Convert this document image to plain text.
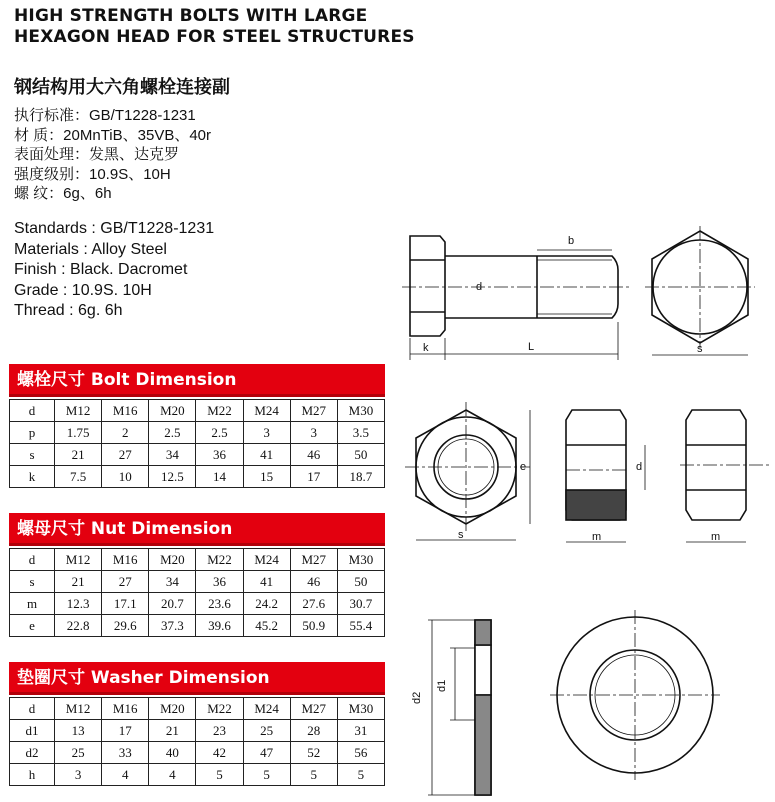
HIGH STRENGTH BOLTS WITH LARGE HEXAGON HEAD FOR STEEL STRUCTURES
钢结构用大六角螺栓连接副
执行标准：GB/T1228-1231
材 质：20MnTiB、35VB、40r
表面处理：发黑、达克罗
强度级别：10.9S、10H
螺 纹：6g、6h
Standards : GB/T1228-1231
Materials : Alloy Steel
Finish : Black. Dacromet
Grade : 10.9S. 10H
Thread : 6g. 6h
螺栓尺寸 Bolt Dimension
d	M12	M16	M20	M22	M24	M27	M30
p	1.75	2	2.5	2.5	3	3	3.5
s	21	27	34	36	41	46	50
k	7.5	10	12.5	14	15	17	18.7
螺母尺寸 Nut Dimension
d	M12	M16	M20	M22	M24	M27	M30
s	21	27	34	36	41	46	50
m	12.3	17.1	20.7	23.6	24.2	27.6	30.7
e	22.8	29.6	37.3	39.6	45.2	50.9	55.4
垫圈尺寸 Washer Dimension
d	M12	M16	M20	M22	M24	M27	M30
d1	13	17	21	23	25	28	31
d2	25	33	40	42	47	52	56
h	3	4	4	5	5	5	5
b
d
k	L	s
e
s
d
m	m
d2
d1
